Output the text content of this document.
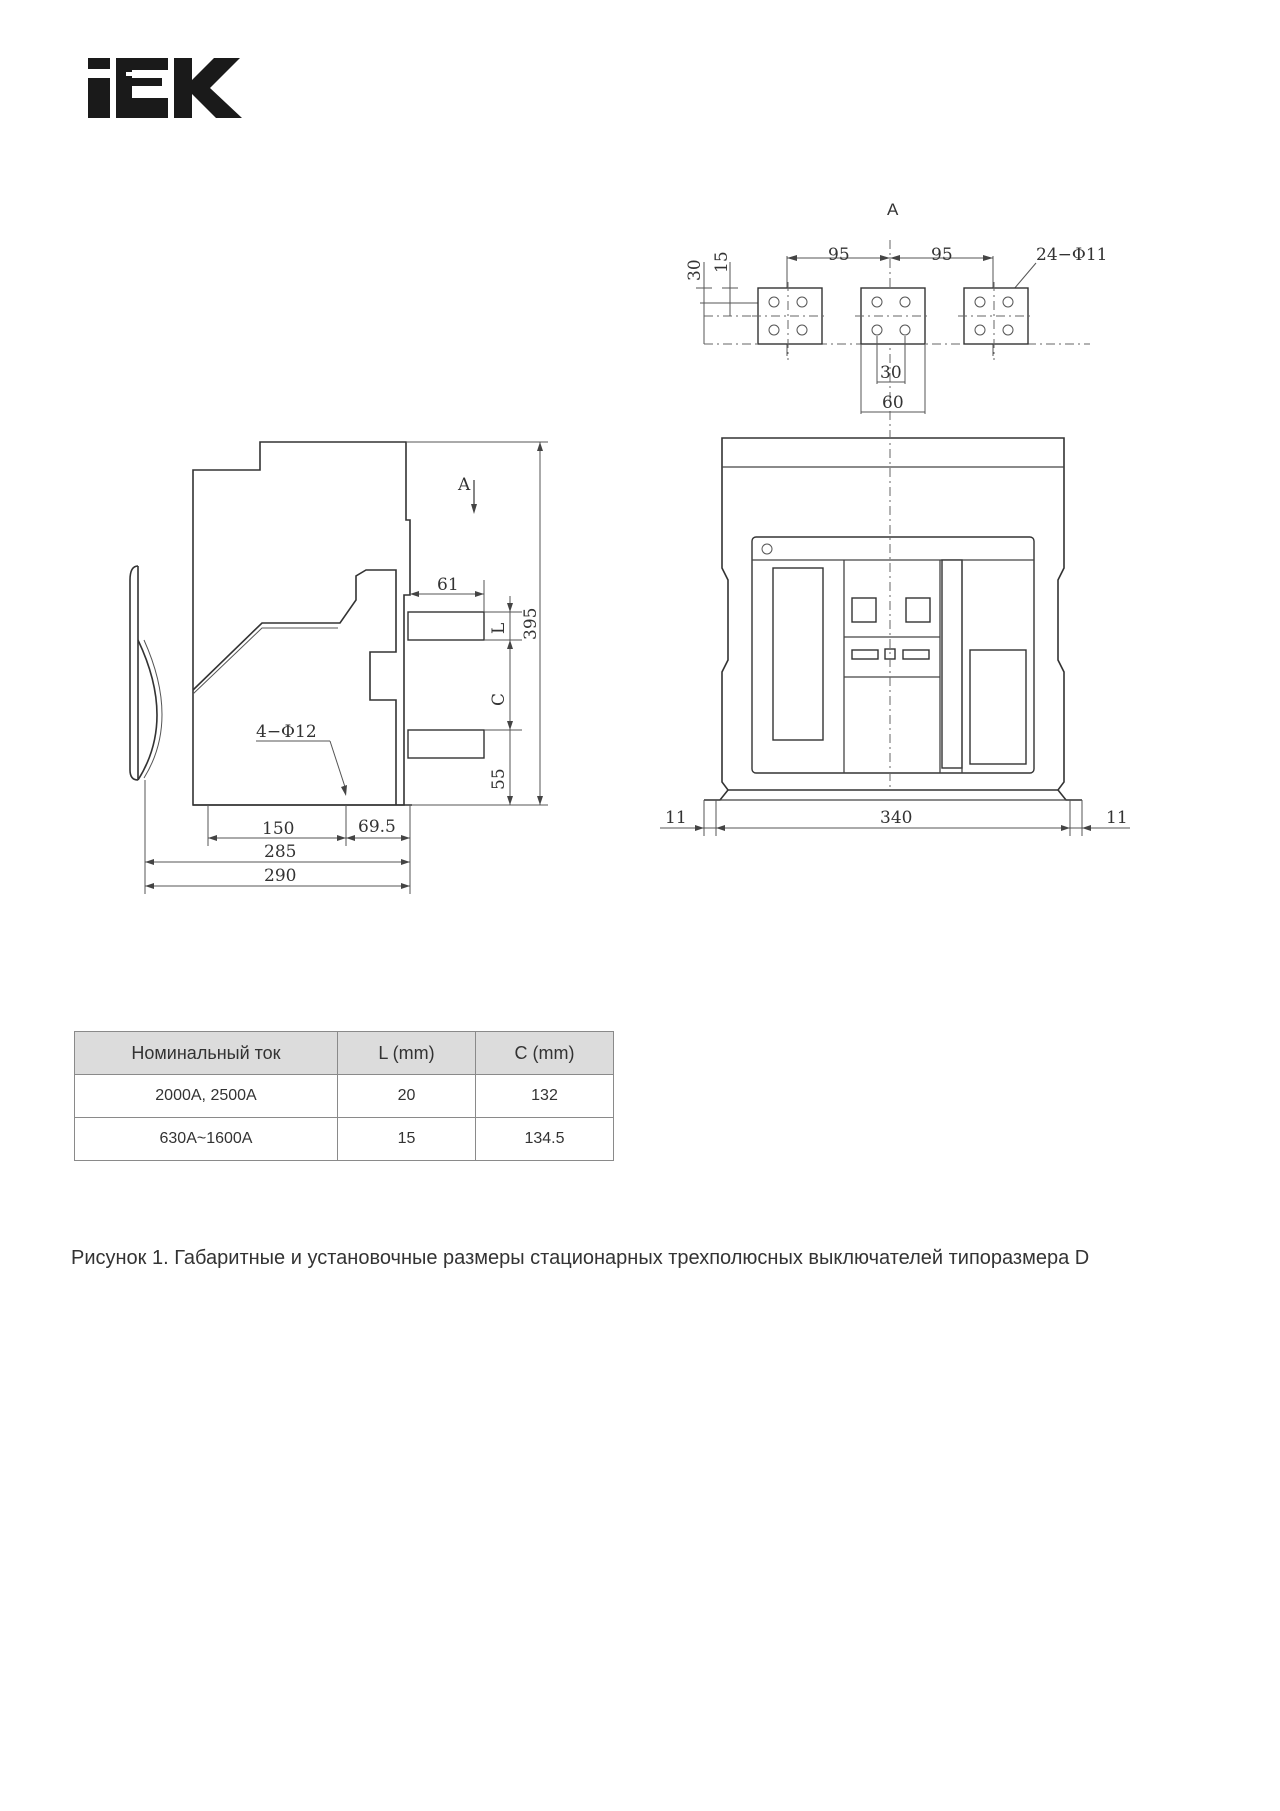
A
30 15	95	95	24−Φ11
30
60
11	340	11
A
61
L
C
55
395
4−Φ12
150	69.5
285
290
Номинальный ток	L (mm)	C (mm)
2000A, 2500A	20	132
630A~1600A	15	134.5
Рисунок 1. Габаритные и установочные размеры стационарных трехполюсных выключателей типоразмера D
